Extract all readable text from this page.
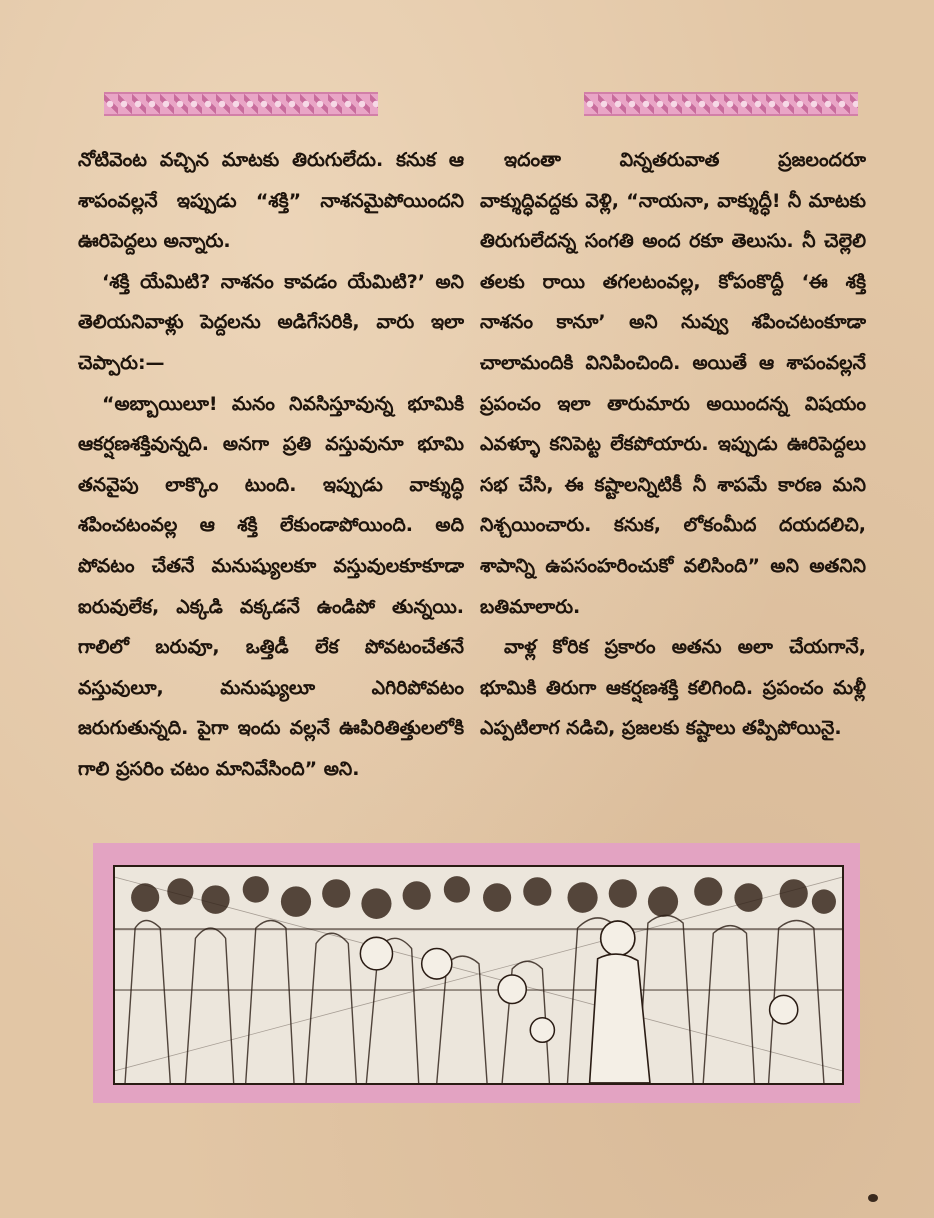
నోటివెంట వచ్చిన మాటకు తిరుగులేదు. కనుక ఆ శాపంవల్లనే ఇప్పుడు “శక్తి” నాశనమైపోయిందని ఊరిపెద్దలు అన్నారు.

‘శక్తి యేమిటి? నాశనం కావడం యేమిటి?’ అని తెలియనివాళ్లు పెద్దలను అడిగేసరికి, వారు ఇలా చెప్పారు:—

“అబ్బాయిలూ! మనం నివసిస్తూవున్న భూమికి ఆకర్షణశక్తివున్నది. అనగా ప్రతి వస్తువునూ భూమి తనవైపు లాక్కొం టుంది. ఇప్పుడు వాక్శుద్ధి శపించటంవల్ల ఆ శక్తి లేకుండాపోయింది. అది పోవటం చేతనే మనుష్యులకూ వస్తువులకూకూడా ఐరువులేక, ఎక్కడి వక్కడనే ఉండిపో తున్నయి. గాలిలో బరువూ, ఒత్తిడీ లేక పోవటంచేతనే వస్తువులూ, మనుష్యులూ ఎగిరిపోవటం జరుగుతున్నది. పైగా ఇందు వల్లనే ఊపిరితిత్తులలోకి గాలి ప్రసరిం చటం మానివేసింది” అని.

ఇదంతా విన్నతరువాత ప్రజలందరూ వాక్శుద్ధివద్దకు వెళ్లి, “నాయనా, వాక్శుద్ధీ! నీ మాటకు తిరుగులేదన్న సంగతి అంద రకూ తెలుసు. నీ చెల్లెలి తలకు రాయి తగలటంవల్ల, కోపంకొద్దీ ‘ఈ శక్తి నాశనం కానూ’ అని నువ్వు శపించటంకూడా చాలామందికి వినిపించింది. అయితే ఆ శాపంవల్లనే ప్రపంచం ఇలా తారుమారు అయిందన్న విషయం ఎవళ్ళూ కనిపెట్ట లేకపోయారు. ఇప్పుడు ఊరిపెద్దలు సభ చేసి, ఈ కష్టాలన్నిటికీ నీ శాపమే కారణ మని నిశ్చయించారు. కనుక, లోకంమీద దయదలిచి, శాపాన్ని ఉపసంహరించుకో వలిసింది” అని అతనిని బతిమాలారు.

వాళ్ల కోరిక ప్రకారం అతను అలా చేయగానే, భూమికి తిరుగా ఆకర్షణశక్తి కలిగింది. ప్రపంచం మళ్లీ ఎప్పటిలాగ నడిచి, ప్రజలకు కష్టాలు తప్పిపోయినై.
